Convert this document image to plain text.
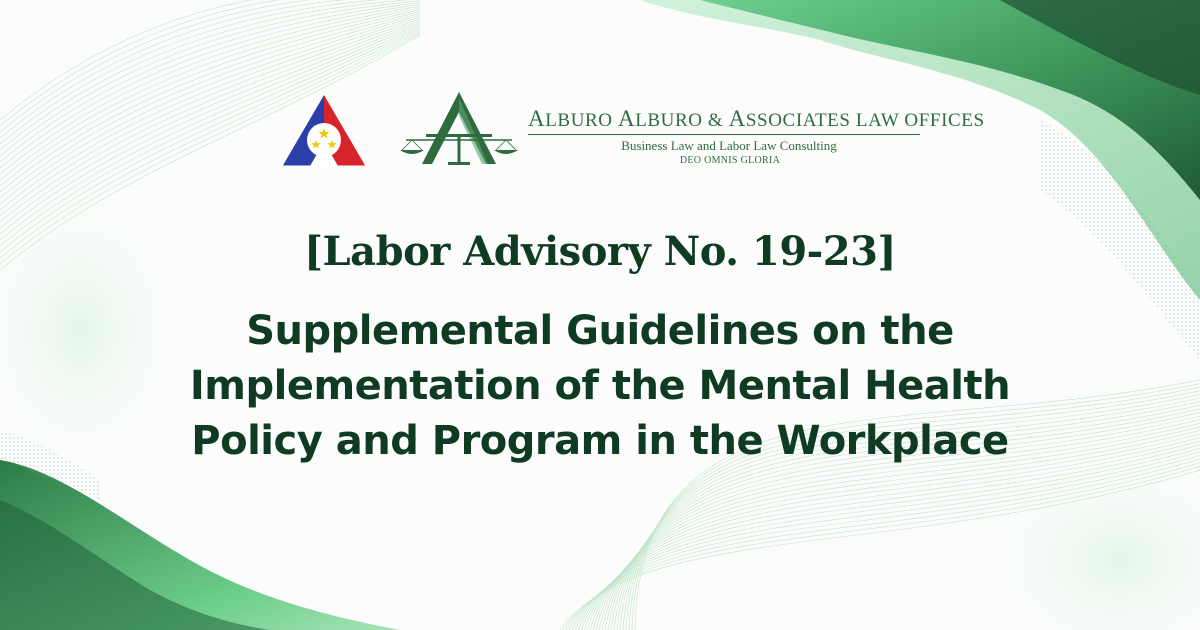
ALBURO ALBURO & ASSOCIATES LAW OFFICES
Business Law and Labor Law Consulting
DEO OMNIS GLORIA
[Labor Advisory No. 19-23]
Supplemental Guidelines on the
Implementation of the Mental Health
Policy and Program in the Workplace
